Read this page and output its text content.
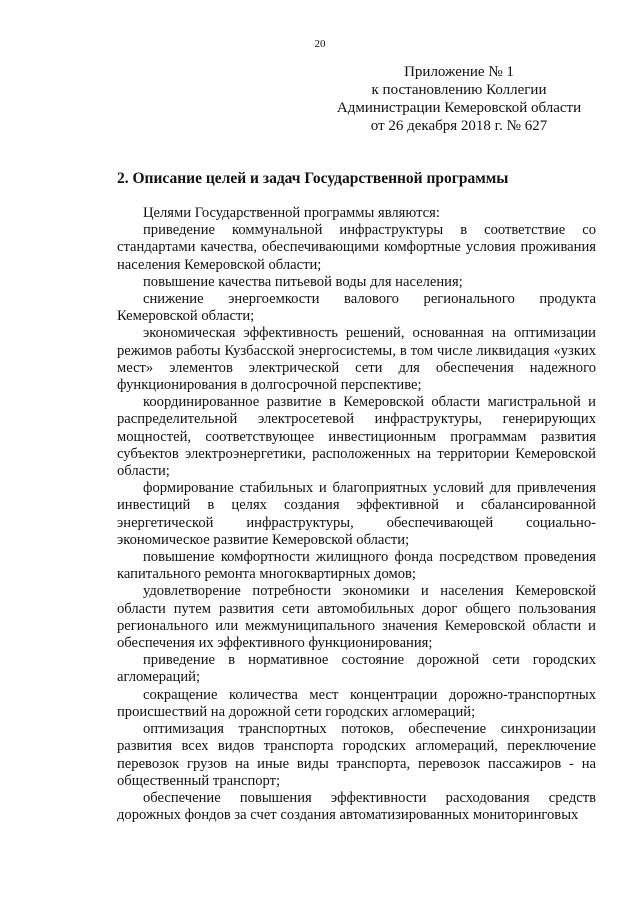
20
Приложение № 1
к постановлению Коллегии
Администрации Кемеровской области
от 26 декабря 2018 г. № 627
2. Описание целей и задач Государственной программы

Целями Государственной программы являются:

приведение коммунальной инфраструктуры в соответствие со стандартами качества, обеспечивающими комфортные условия проживания населения Кемеровской области;

повышение качества питьевой воды для населения;

снижение энергоемкости валового регионального продукта Кемеровской области;

экономическая эффективность решений, основанная на оптимизации режимов работы Кузбасской энергосистемы, в том числе ликвидация «узких мест» элементов электрической сети для обеспечения надежного функционирования в долгосрочной перспективе;

координированное развитие в Кемеровской области магистральной и распределительной электросетевой инфраструктуры, генерирующих мощностей, соответствующее инвестиционным программам развития субъектов электроэнергетики, расположенных на территории Кемеровской области;

формирование стабильных и благоприятных условий для привлечения инвестиций в целях создания эффективной и сбалансированной энергетической инфраструктуры, обеспечивающей социально-экономическое развитие Кемеровской области;

повышение комфортности жилищного фонда посредством проведения капитального ремонта многоквартирных домов;

удовлетворение потребности экономики и населения Кемеровской области путем развития сети автомобильных дорог общего пользования регионального или межмуниципального значения Кемеровской области и обеспечения их эффективного функционирования;

приведение в нормативное состояние дорожной сети городских агломераций;

сокращение количества мест концентрации дорожно-транспортных происшествий на дорожной сети городских агломераций;

оптимизация транспортных потоков, обеспечение синхронизации развития всех видов транспорта городских агломераций, переключение перевозок грузов на иные виды транспорта, перевозок пассажиров - на общественный транспорт;

обеспечение повышения эффективности расходования средств дорожных фондов за счет создания автоматизированных мониторинговых
